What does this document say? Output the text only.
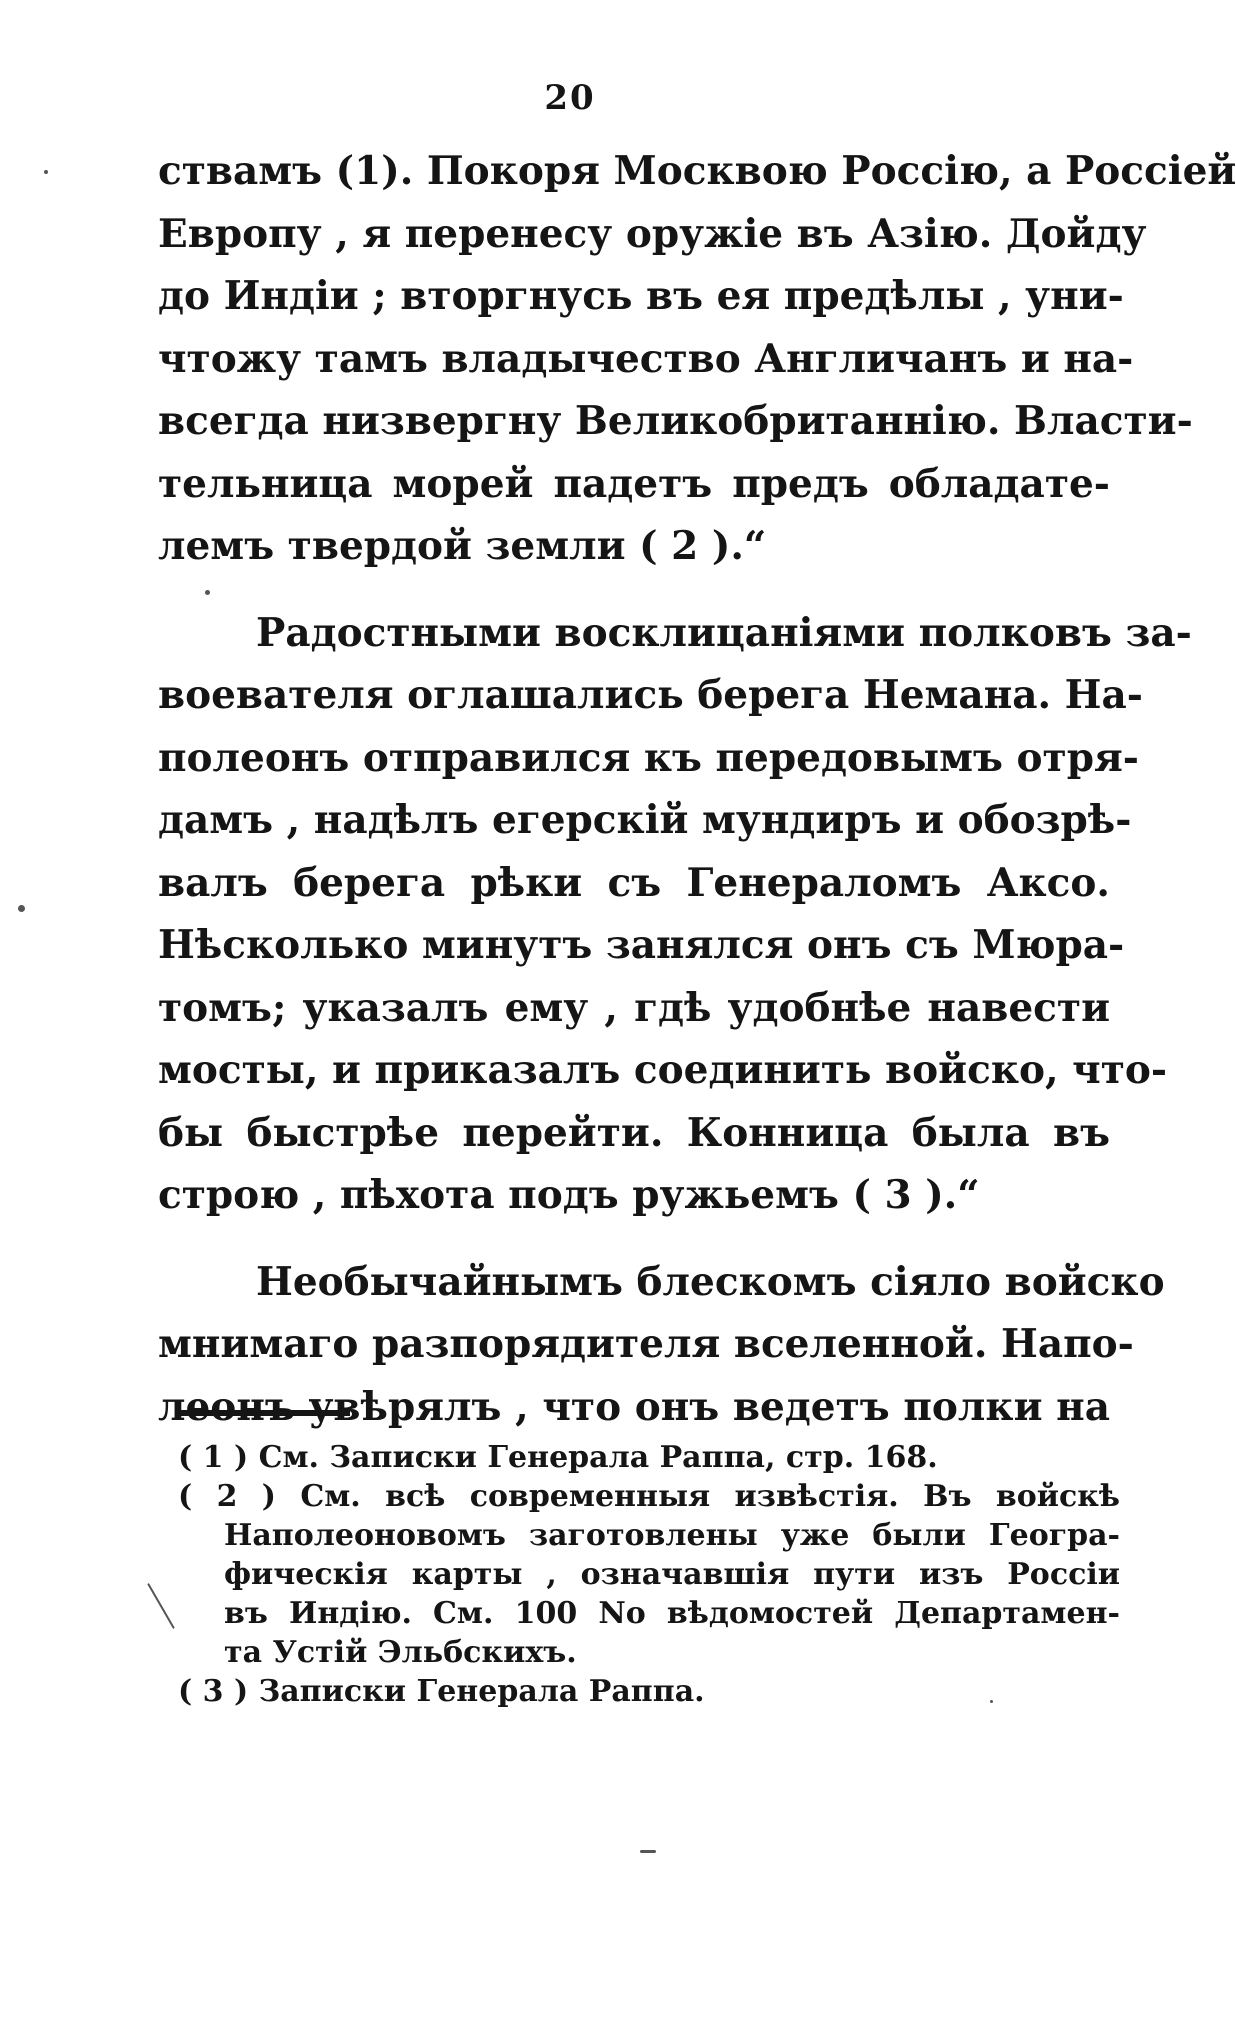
20
ствамъ (1). Покоря Москвою Россію, а Россіей
Европу , я перенесу оружіе въ Азію. Дойду
до Индіи ; вторгнусь въ ея предѣлы , уни-
чтожу тамъ владычество Англичанъ и на-
всегда низвергну Великобританнію. Власти-
тельница морей падетъ предъ обладате-
лемъ твердой земли ( 2 ).“
Радостными восклицаніями полковъ за-
воевателя оглашались берега Немана. На-
полеонъ отправился къ передовымъ отря-
дамъ , надѣлъ егерскій мундиръ и обозрѣ-
валъ берега рѣки съ Генераломъ Аксо.
Нѣсколько минутъ занялся онъ съ Мюра-
томъ; указалъ ему , гдѣ удобнѣе навести
мосты, и приказалъ соединить войско, что-
бы быстрѣе перейти. Конница была въ
строю , пѣхота подъ ружьемъ ( 3 ).“
Необычайнымъ блескомъ сіяло войско
мнимаго разпорядителя вселенной. Напо-
леонъ увѣрялъ , что онъ ведетъ полки на
( 1 ) См. Записки Генерала Раппа, стр. 168.
( 2 ) См. всѣ современныя извѣстія. Въ войскѣ
Наполеоновомъ заготовлены уже были Геогра-
фическія карты , означавшія пути изъ Россіи
въ Индію. См. 100 No вѣдомостей Департамен-
та Устій Эльбскихъ.
( 3 ) Записки Генерала Раппа.
